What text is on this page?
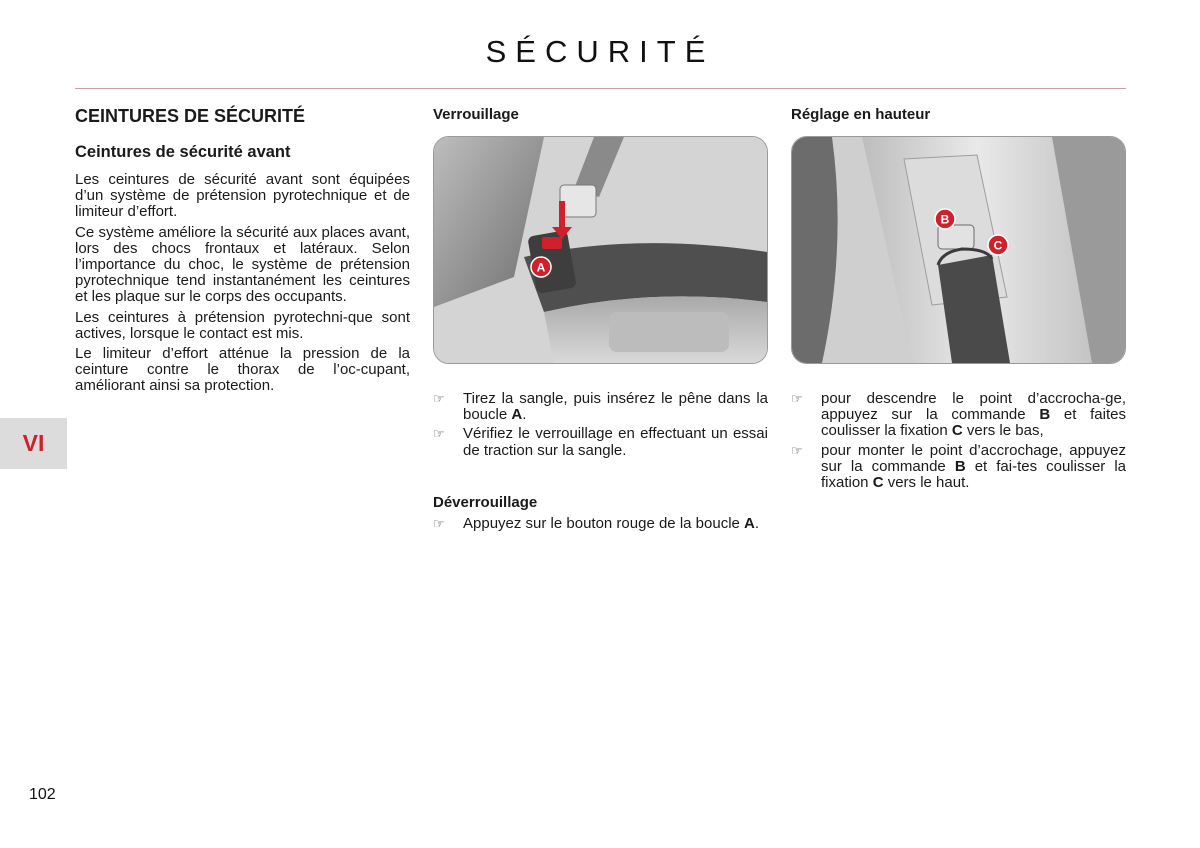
SÉCURITÉ
CEINTURES DE SÉCURITÉ
Ceintures de sécurité avant

Les ceintures de sécurité avant sont équipées d’un système de prétension pyrotechnique et de limiteur d’effort.

Ce système améliore la sécurité aux places avant, lors des chocs frontaux et latéraux. Selon l’importance du choc, le système de prétension pyrotechnique tend instantanément les ceintures et les plaque sur le corps des occupants.

Les ceintures à prétension pyrotechni-que sont actives, lorsque le contact est mis.

Le limiteur d’effort atténue la pression de la ceinture contre le thorax de l’oc-cupant, améliorant ainsi sa protection.

Verrouillage
A
☞ Tirez la sangle, puis insérez le pêne dans la boucle A.
☞ Vérifiez le verrouillage en effectuant un essai de traction sur la sangle.
Déverrouillage
☞ Appuyez sur le bouton rouge de la boucle A.
Réglage en hauteur
B
C
☞ pour descendre le point d’accrocha-ge, appuyez sur la commande B et faites coulisser la fixation C vers le bas,
☞ pour monter le point d’accrochage, appuyez sur la commande B et fai-tes coulisser la fixation C vers le haut.
VI
102
